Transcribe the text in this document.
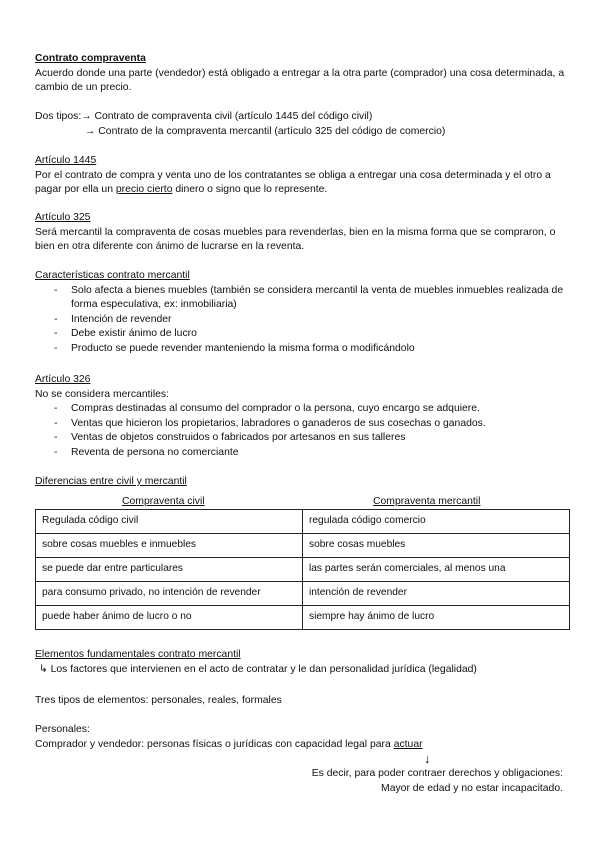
Contrato compraventa

Acuerdo donde una parte (vendedor) está obligado a entregar a la otra parte (comprador) una cosa determinada, a cambio de un precio.

Dos tipos:→ Contrato de compraventa civil (artículo 1445 del código civil)

→ Contrato de la compraventa mercantil (artículo 325 del código de comercio)

Artículo 1445

Por el contrato de compra y venta uno de los contratantes se obliga a entregar una cosa determinada y el otro a pagar por ella un precio cierto dinero o signo que lo represente.

Artículo 325

Será mercantil la compraventa de cosas muebles para revenderlas, bien en la misma forma que se compraron, o bien en otra diferente con ánimo de lucrarse en la reventa.

Características contrato mercantil

- Solo afecta a bienes muebles (también se considera mercantil la venta de muebles inmuebles realizada de forma especulativa, ex: inmobiliaria)
- Intención de revender
- Debe existir ánimo de lucro
- Producto se puede revender manteniendo la misma forma o modificándolo

Artículo 326

No se considera mercantiles:

- Compras destinadas al consumo del comprador o la persona, cuyo encargo se adquiere.
- Ventas que hicieron los propietarios, labradores o ganaderos de sus cosechas o ganados.
- Ventas de objetos construidos o fabricados por artesanos en sus talleres
- Reventa de persona no comerciante

Diferencias entre civil y mercantil

Compraventa civil	Compraventa mercantil
Regulada código civil	regulada código comercio
sobre cosas muebles e inmuebles	sobre cosas muebles
se puede dar entre particulares	las partes serán comerciales, al menos una
para consumo privado, no intención de revender	intención de revender
puede haber ánimo de lucro o no	siempre hay ánimo de lucro

Elementos fundamentales contrato mercantil

↳ Los factores que intervienen en el acto de contratar y le dan personalidad jurídica (legalidad)

Tres tipos de elementos: personales, reales, formales

Personales:

Comprador y vendedor: personas físicas o jurídicas con capacidad legal para actuar

↓

Es decir, para poder contraer derechos y obligaciones:

Mayor de edad y no estar incapacitado.
